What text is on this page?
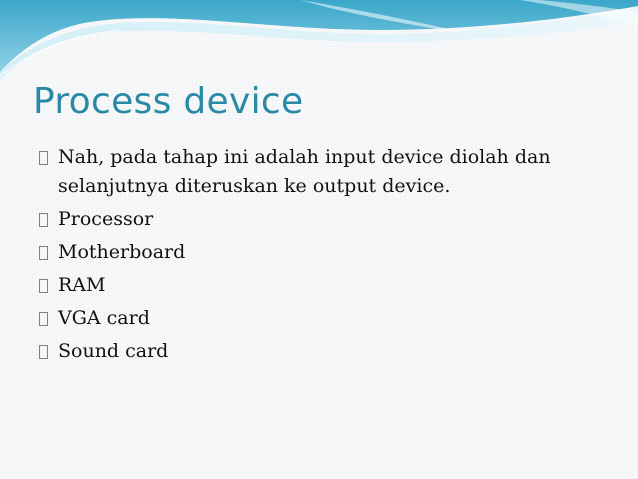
Process device
Nah, pada tahap ini adalah input device diolah dan selanjutnya diteruskan ke output device.
Processor
Motherboard
RAM
VGA card
Sound card
